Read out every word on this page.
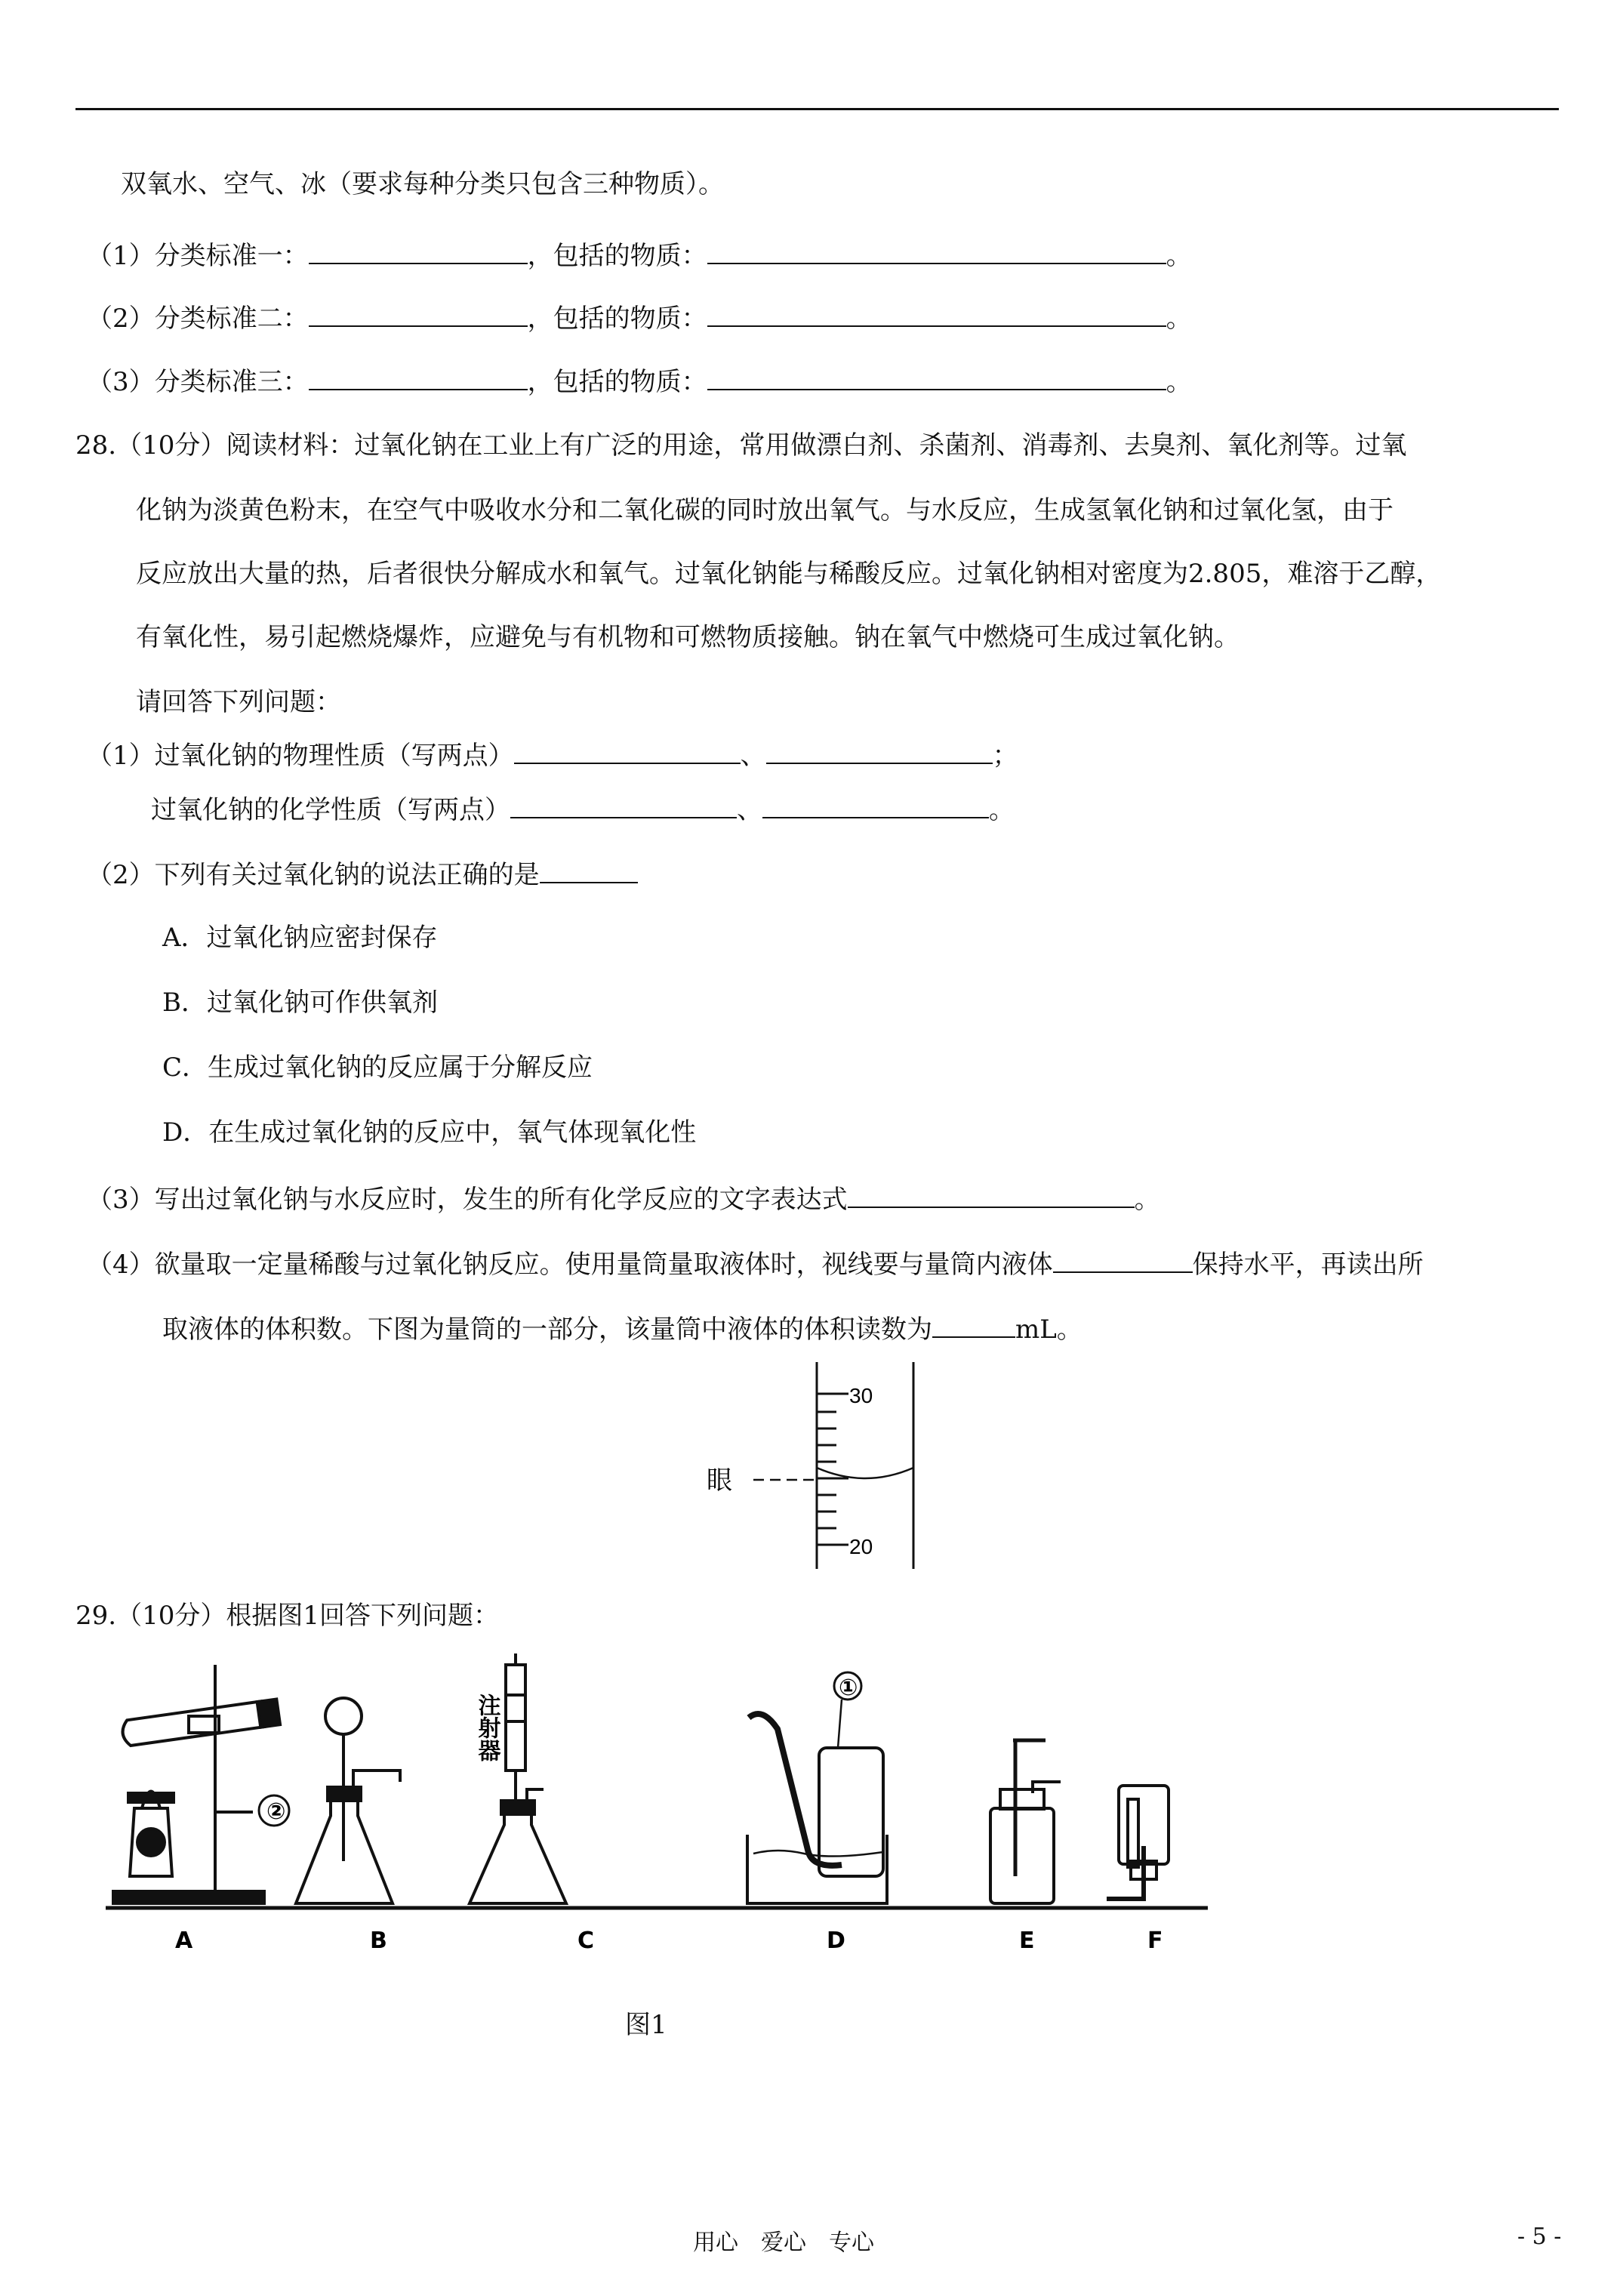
双氧水、空气、冰（要求每种分类只包含三种物质）。
（1）分类标准一：	，包括的物质：	。
（2）分类标准二：	，包括的物质：	。
（3）分类标准三：	，包括的物质：	。
28.（10分）阅读材料：过氧化钠在工业上有广泛的用途，常用做漂白剂、杀菌剂、消毒剂、去臭剂、氧化剂等。过氧
化钠为淡黄色粉末，在空气中吸收水分和二氧化碳的同时放出氧气。与水反应，生成氢氧化钠和过氧化氢，由于
反应放出大量的热，后者很快分解成水和氧气。过氧化钠能与稀酸反应。过氧化钠相对密度为2.805，难溶于乙醇，
有氧化性，易引起燃烧爆炸，应避免与有机物和可燃物质接触。钠在氧气中燃烧可生成过氧化钠。
请回答下列问题：
（1）过氧化钠的物理性质（写两点）	、	；
过氧化钠的化学性质（写两点）	、	。
（2）下列有关过氧化钠的说法正确的是
A．过氧化钠应密封保存
B．过氧化钠可作供氧剂
C．生成过氧化钠的反应属于分解反应
D．在生成过氧化钠的反应中，氧气体现氧化性
（3）写出过氧化钠与水反应时，发生的所有化学反应的文字表达式	。
（4）欲量取一定量稀酸与过氧化钠反应。使用量筒量取液体时，视线要与量筒内液体	保持水平，再读出所
取液体的体积数。下图为量筒的一部分，该量筒中液体的体积读数为	mL。
30
20
眼
29.（10分）根据图1回答下列问题：
②
①
注射器
A	B	C	D	E	F
图1
用心　爱心　专心	- 5 -
